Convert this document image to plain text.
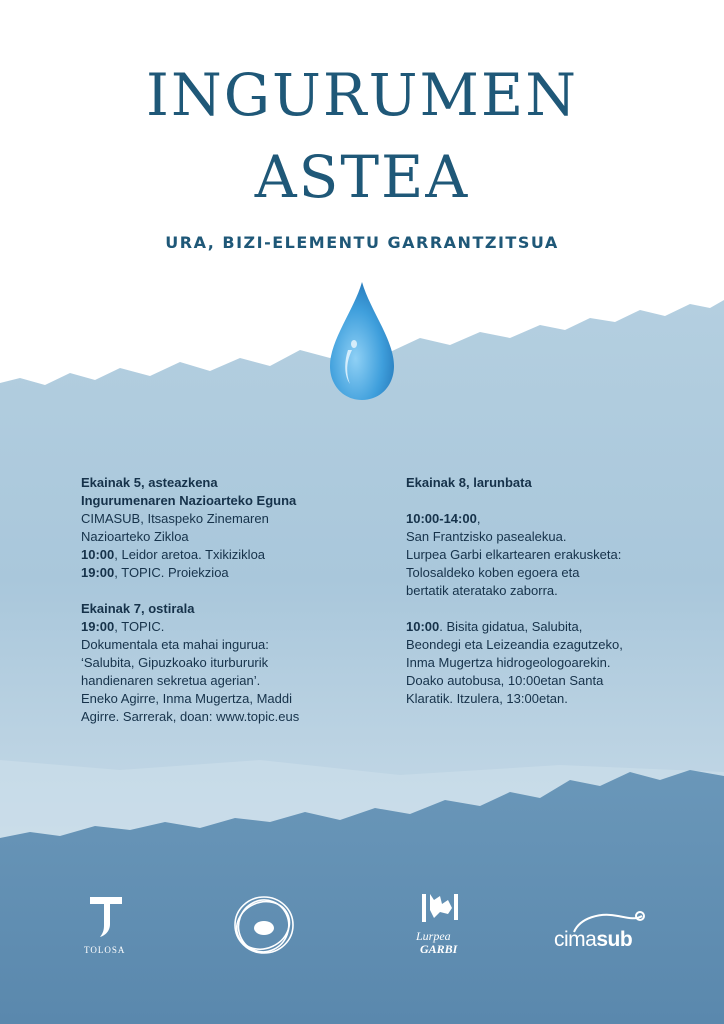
INGURUMEN
ASTEA
URA, BIZI-ELEMENTU GARRANTZITSUA

Ekainak 5, asteazkena

Ingurumenaren Nazioarteko Eguna

CIMASUB, Itsaspeko Zinemaren

Nazioarteko Zikloa

10:00, Leidor aretoa. Txikizikloa

19:00, TOPIC. Proiekzioa

Ekainak 7, ostirala

19:00, TOPIC.

Dokumentala eta mahai ingurua:

‘Salubita, Gipuzkoako iturbururik

handienaren sekretua agerian’.

Eneko Agirre, Inma Mugertza, Maddi

Agirre. Sarrerak, doan: www.topic.eus

Ekainak 8, larunbata

10:00-14:00,

San Frantzisko pasealekua.

Lurpea Garbi elkartearen erakusketa:

Tolosaldeko koben egoera eta

bertatik ateratako zaborra.

10:00. Bisita gidatua, Salubita,

Beondegi eta Leizeandia ezagutzeko,

Inma Mugertza hidrogeologoarekin.

Doako autobusa, 10:00etan Santa

Klaratik. Itzulera, 13:00etan.

TOLOSA
Lurpea
GARBI	cimasub
